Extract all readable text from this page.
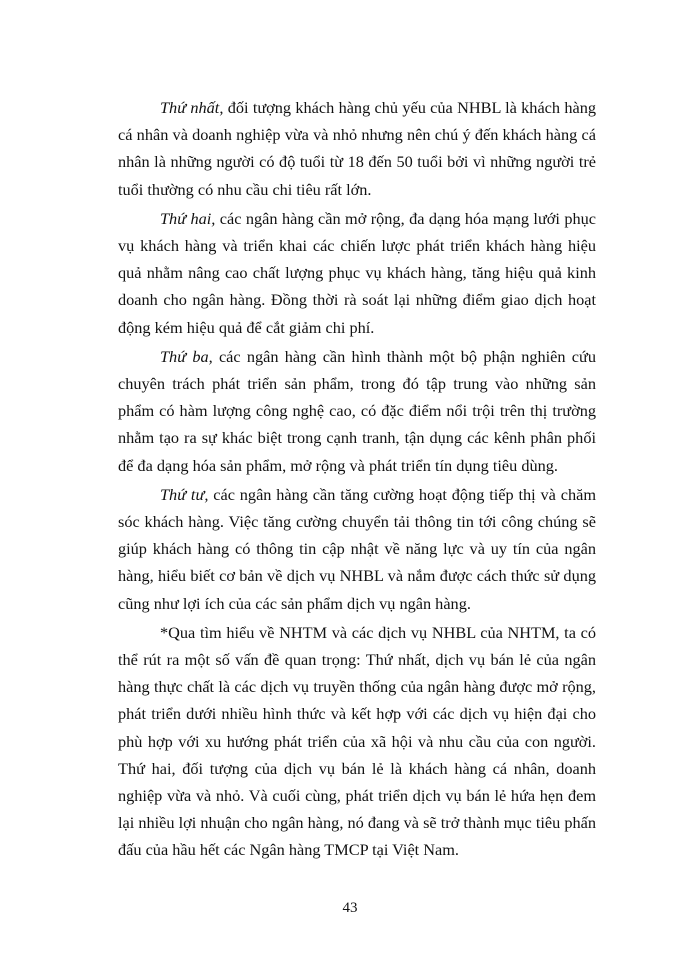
Thứ nhất, đối tượng khách hàng chủ yếu của NHBL là khách hàng cá nhân và doanh nghiệp vừa và nhỏ nhưng nên chú ý đến khách hàng cá nhân là những người có độ tuổi từ 18 đến 50 tuổi bởi vì những người trẻ tuổi thường có nhu cầu chi tiêu rất lớn.

Thứ hai, các ngân hàng cần mở rộng, đa dạng hóa mạng lưới phục vụ khách hàng và triển khai các chiến lược phát triển khách hàng hiệu quả nhằm nâng cao chất lượng phục vụ khách hàng, tăng hiệu quả kinh doanh cho ngân hàng. Đồng thời rà soát lại những điểm giao dịch hoạt động kém hiệu quả để cắt giảm chi phí.

Thứ ba, các ngân hàng cần hình thành một bộ phận nghiên cứu chuyên trách phát triển sản phẩm, trong đó tập trung vào những sản phẩm có hàm lượng công nghệ cao, có đặc điểm nổi trội trên thị trường nhằm tạo ra sự khác biệt trong cạnh tranh, tận dụng các kênh phân phối để đa dạng hóa sản phẩm, mở rộng và phát triển tín dụng tiêu dùng.

Thứ tư, các ngân hàng cần tăng cường hoạt động tiếp thị và chăm sóc khách hàng. Việc tăng cường chuyển tải thông tin tới công chúng sẽ giúp khách hàng có thông tin cập nhật về năng lực và uy tín của ngân hàng, hiểu biết cơ bản về dịch vụ NHBL và nắm được cách thức sử dụng cũng như lợi ích của các sản phẩm dịch vụ ngân hàng.

*Qua tìm hiểu về NHTM và các dịch vụ NHBL của NHTM, ta có thể rút ra một số vấn đề quan trọng: Thứ nhất, dịch vụ bán lẻ của ngân hàng thực chất là các dịch vụ truyền thống của ngân hàng được mở rộng, phát triển dưới nhiều hình thức và kết hợp với các dịch vụ hiện đại cho phù hợp với xu hướng phát triển của xã hội và nhu cầu của con người. Thứ hai, đối tượng của dịch vụ bán lẻ là khách hàng cá nhân, doanh nghiệp vừa và nhỏ. Và cuối cùng, phát triển dịch vụ bán lẻ hứa hẹn đem lại nhiều lợi nhuận cho ngân hàng, nó đang và sẽ trở thành mục tiêu phấn đấu của hầu hết các Ngân hàng TMCP tại Việt Nam.

43
